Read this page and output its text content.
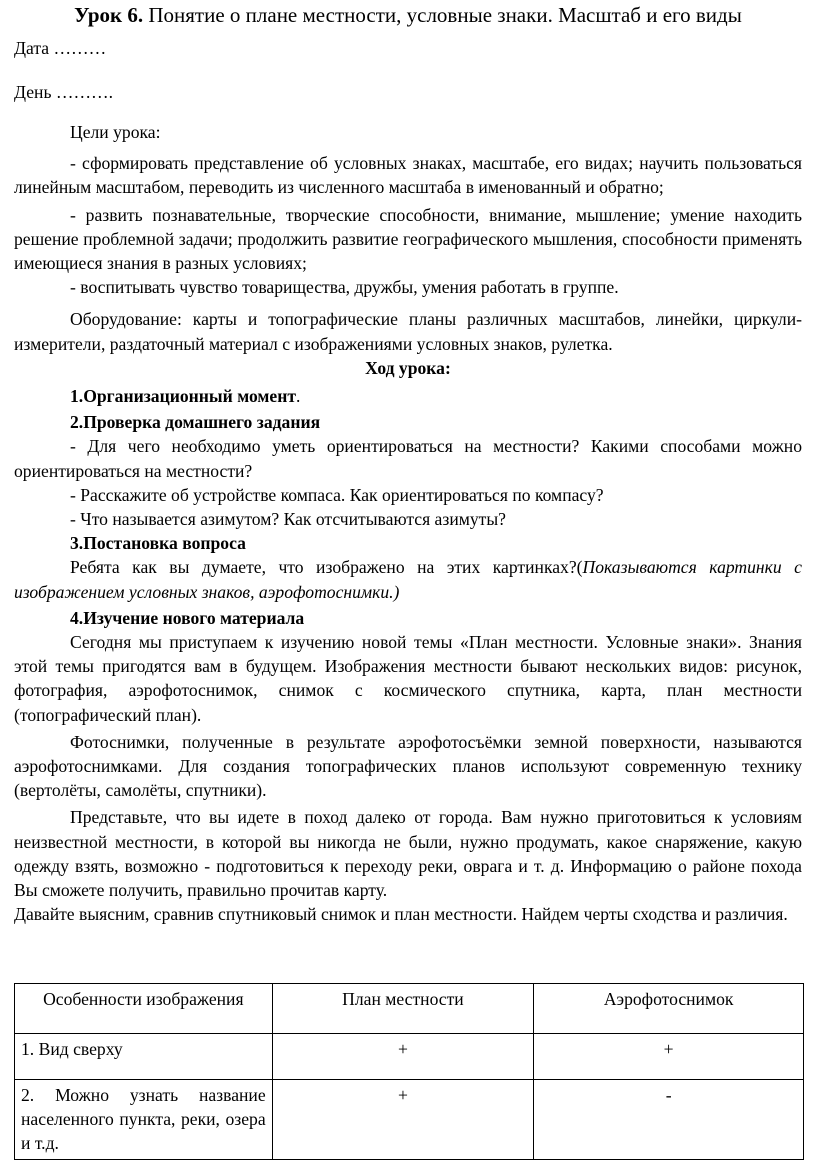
Урок 6. Понятие о плане местности, условные знаки. Масштаб и его виды
Дата ………
День ……….

Цели урока:

- сформировать представление об условных знаках, масштабе, его видах; научить пользоваться линейным масштабом, переводить из численного масштаба в именованный и обратно;

- развить познавательные, творческие способности, внимание, мышление; умение находить решение проблемной задачи; продолжить развитие географического мышления, способности применять имеющиеся знания в разных условиях;

- воспитывать чувство товарищества, дружбы, умения работать в группе.

Оборудование: карты и топографические планы различных масштабов, линейки, циркули-измерители, раздаточный материал с изображениями условных знаков, рулетка.

Ход урока:

1.Организационный момент.

2.Проверка домашнего задания

- Для чего необходимо уметь ориентироваться на местности? Какими способами можно ориентироваться на местности?

- Расскажите об устройстве компаса. Как ориентироваться по компасу?

- Что называется азимутом? Как отсчитываются азимуты?

3.Постановка вопроса

Ребята как вы думаете, что изображено на этих картинках?(Показываются картинки с изображением условных знаков, аэрофотоснимки.)

4.Изучение нового материала

Сегодня мы приступаем к изучению новой темы «План местности. Условные знаки». Знания этой темы пригодятся вам в будущем. Изображения местности бывают нескольких видов: рисунок, фотография, аэрофотоснимок, снимок с космического спутника, карта, план местности (топографический план).

Фотоснимки, полученные в результате аэрофотосъёмки земной поверхности, называются аэрофотоснимками. Для создания топографических планов используют современную технику (вертолёты, самолёты, спутники).

Представьте, что вы идете в поход далеко от города. Вам нужно приготовиться к условиям неизвестной местности, в которой вы никогда не были, нужно продумать, какое снаряжение, какую одежду взять, возможно - подготовиться к переходу реки, оврага и т. д. Информацию о районе похода Вы сможете получить, правильно прочитав карту.

Давайте выясним, сравнив спутниковый снимок и план местности. Найдем черты сходства и различия.

Особенности изображения	План местности	Аэрофотоснимок
1. Вид сверху	+	+
2. Можно узнать название населенного пункта, реки, озера и т.д.	+	-
